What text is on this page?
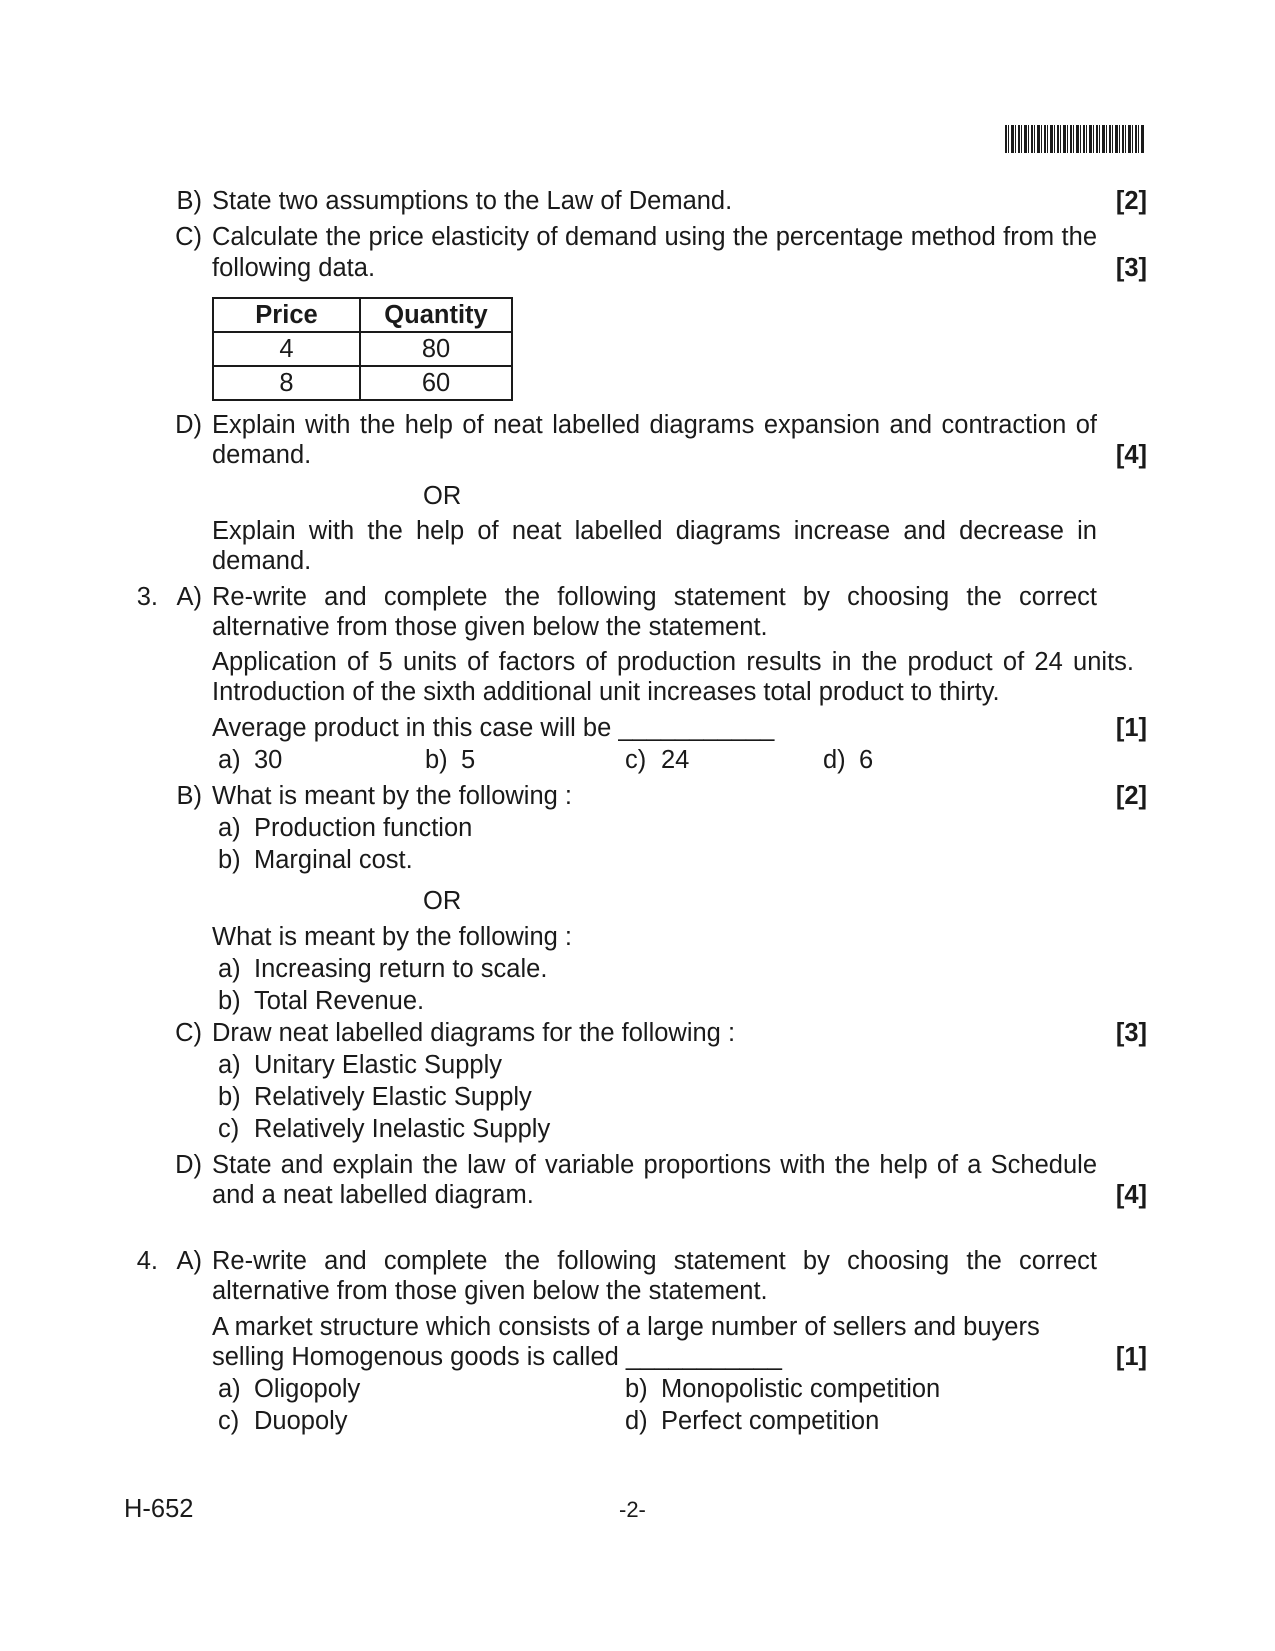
B) State two assumptions to the Law of Demand.	[2]
C) Calculate the price elasticity of demand using the percentage method from the following data.	[3]
Price	Quantity
4	80
8	60
D) Explain with the help of neat labelled diagrams expansion and contraction of demand.	[4]
OR
Explain with the help of neat labelled diagrams increase and decrease in demand.
3. A) Re-write and complete the following statement by choosing the correct alternative from those given below the statement.
Application of 5 units of factors of production results in the product of 24 units. Introduction of the sixth additional unit increases total product to thirty.
Average product in this case will be ___________	[1]
a) 30	b) 5	c) 24	d) 6
B) What is meant by the following :	[2]
a) Production function
b) Marginal cost.
OR
What is meant by the following :
a) Increasing return to scale.
b) Total Revenue.
C) Draw neat labelled diagrams for the following :	[3]
a) Unitary Elastic Supply
b) Relatively Elastic Supply
c) Relatively Inelastic Supply
D) State and explain the law of variable proportions with the help of a Schedule and a neat labelled diagram.	[4]
4. A) Re-write and complete the following statement by choosing the correct alternative from those given below the statement.
A market structure which consists of a large number of sellers and buyers selling Homogenous goods is called ___________	[1]
a) Oligopoly	b) Monopolistic competition
c) Duopoly	d) Perfect competition
H-652	-2-
